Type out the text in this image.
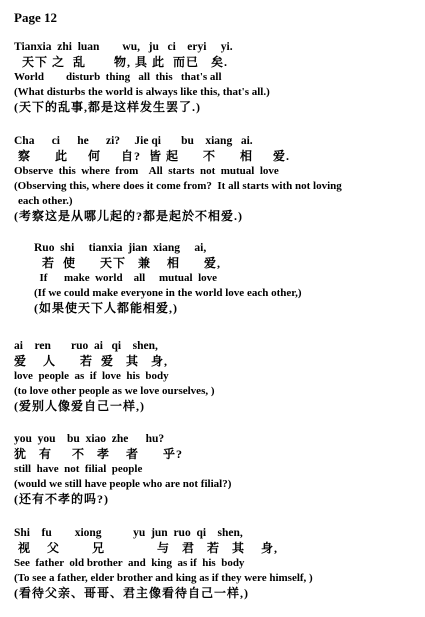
Page 12
Tianxia  zhi  luan        wu,   ju   ci    eryi     yi.
天下 之  乱       物, 具 此  而已   矣.
World        disturb  thing   all  this   that's all
(What disturbs the world is always like this, that's all.)
(天下的乱事,都是这样发生罢了.)
Cha      ci      he      zi?     Jie qi       bu    xiang   ai.
察      此     何     自?  皆 起      不      相     爱.
Observe  this  where  from    All  starts  not  mutual  love
(Observing this, where does it come from?  It all starts with not loving
each other.)
(考察这是从哪儿起的?都是起於不相爱.)
Ruo  shi     tianxia  jian  xiang     ai,
若  使      天下   兼    相      爱,
If      make  world    all     mutual  love
(If we could make everyone in the world love each other,)
(如果使天下人都能相爱,)
ai    ren       ruo  ai   qi    shen,
爱    人      若  爱   其   身,
love  people  as  if  love  his  body
(to love other people as we love ourselves, )
(爱别人像爱自己一样,)
you  you    bu  xiao  zhe      hu?
犹   有     不   孝    者      乎?
still  have  not  filial  people
(would we still have people who are not filial?)
(还有不孝的吗?)
Shi    fu        xiong           yu  jun  ruo  qi    shen,
视    父        兄             与   君   若   其    身,
See  father  old brother  and  king  as if  his  body
(To see a father, elder brother and king as if they were himself, )
(看待父亲、哥哥、君主像看待自己一样,)
